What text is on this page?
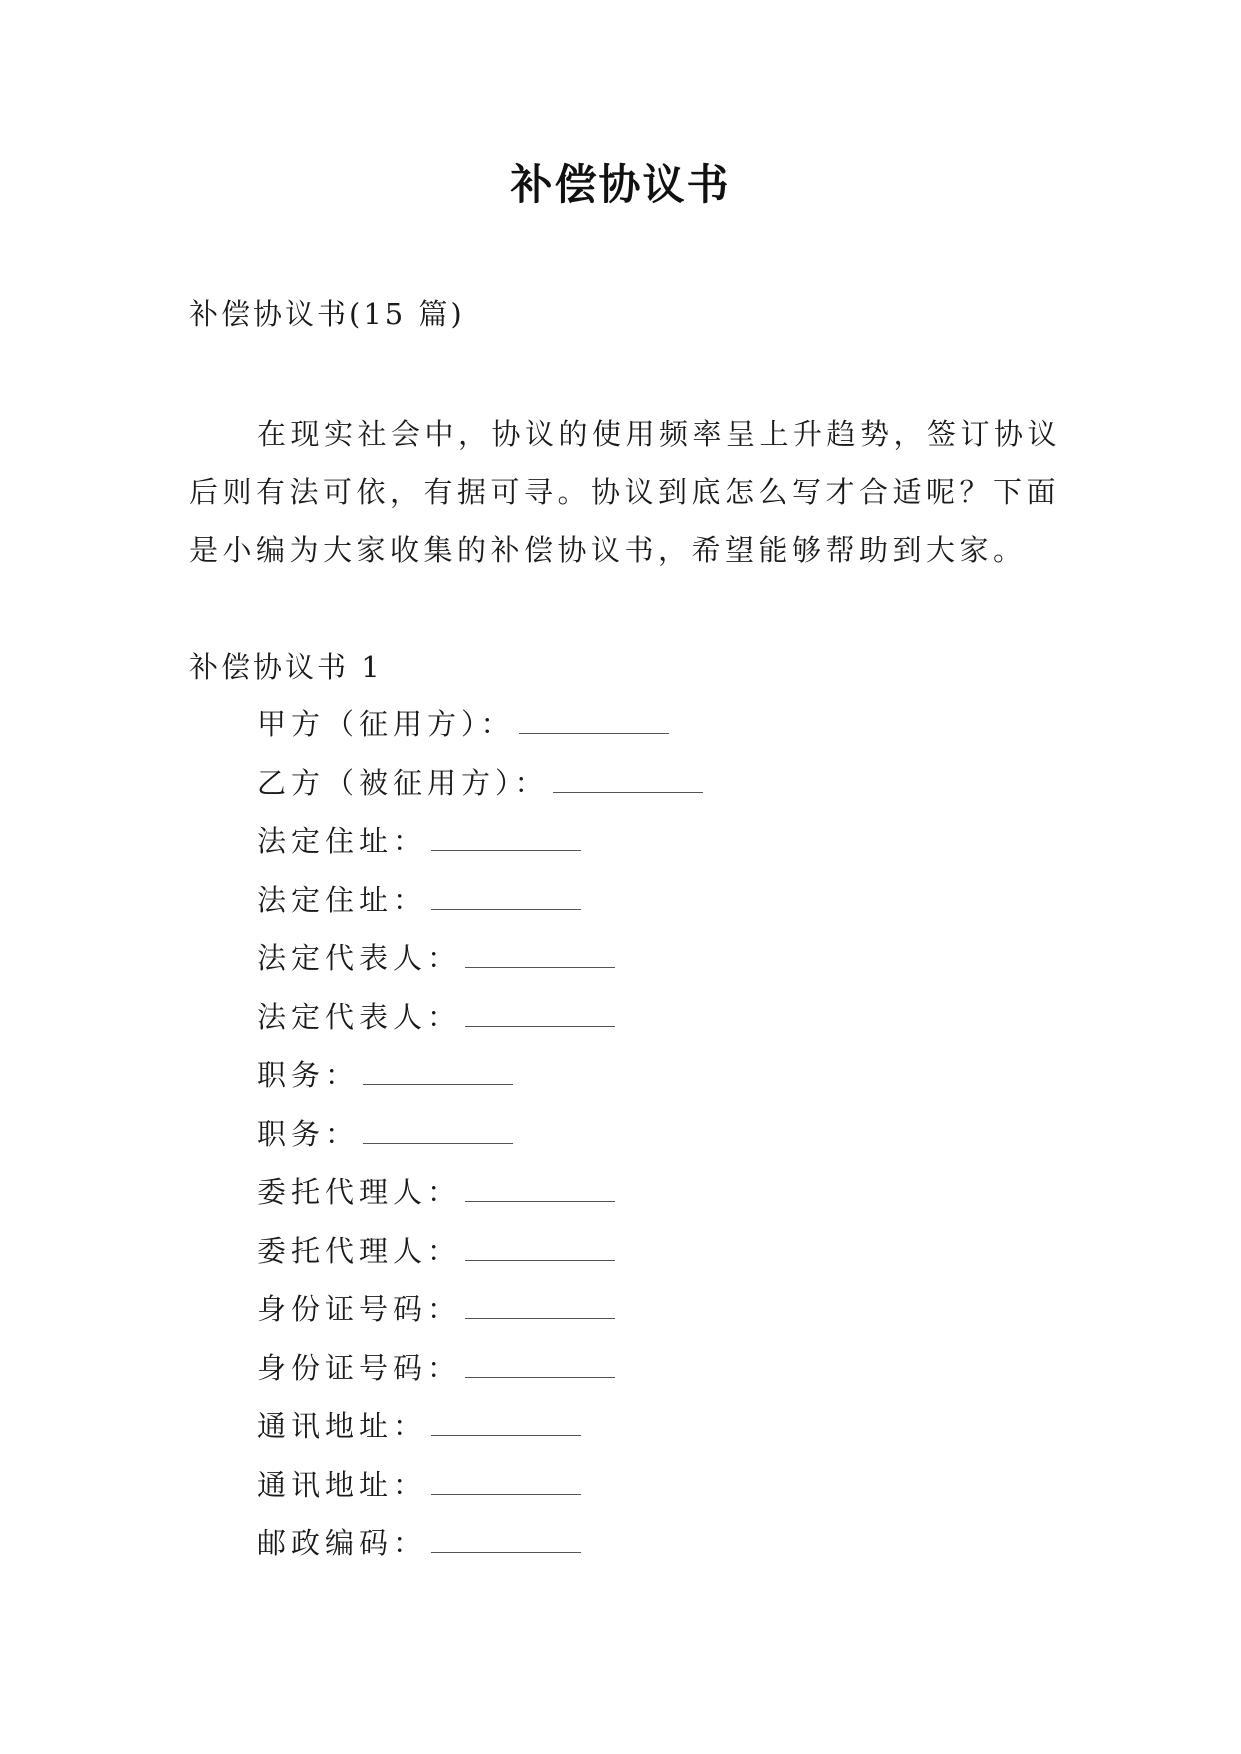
补偿协议书
补偿协议书(15 篇)

在现实社会中，协议的使用频率呈上升趋势，签订协议后则有法可依，有据可寻。协议到底怎么写才合适呢？下面是小编为大家收集的补偿协议书，希望能够帮助到大家。

补偿协议书 1
甲方（征用方）：
乙方（被征用方）：
法定住址：
法定住址：
法定代表人：
法定代表人：
职务：
职务：
委托代理人：
委托代理人：
身份证号码：
身份证号码：
通讯地址：
通讯地址：
邮政编码：
